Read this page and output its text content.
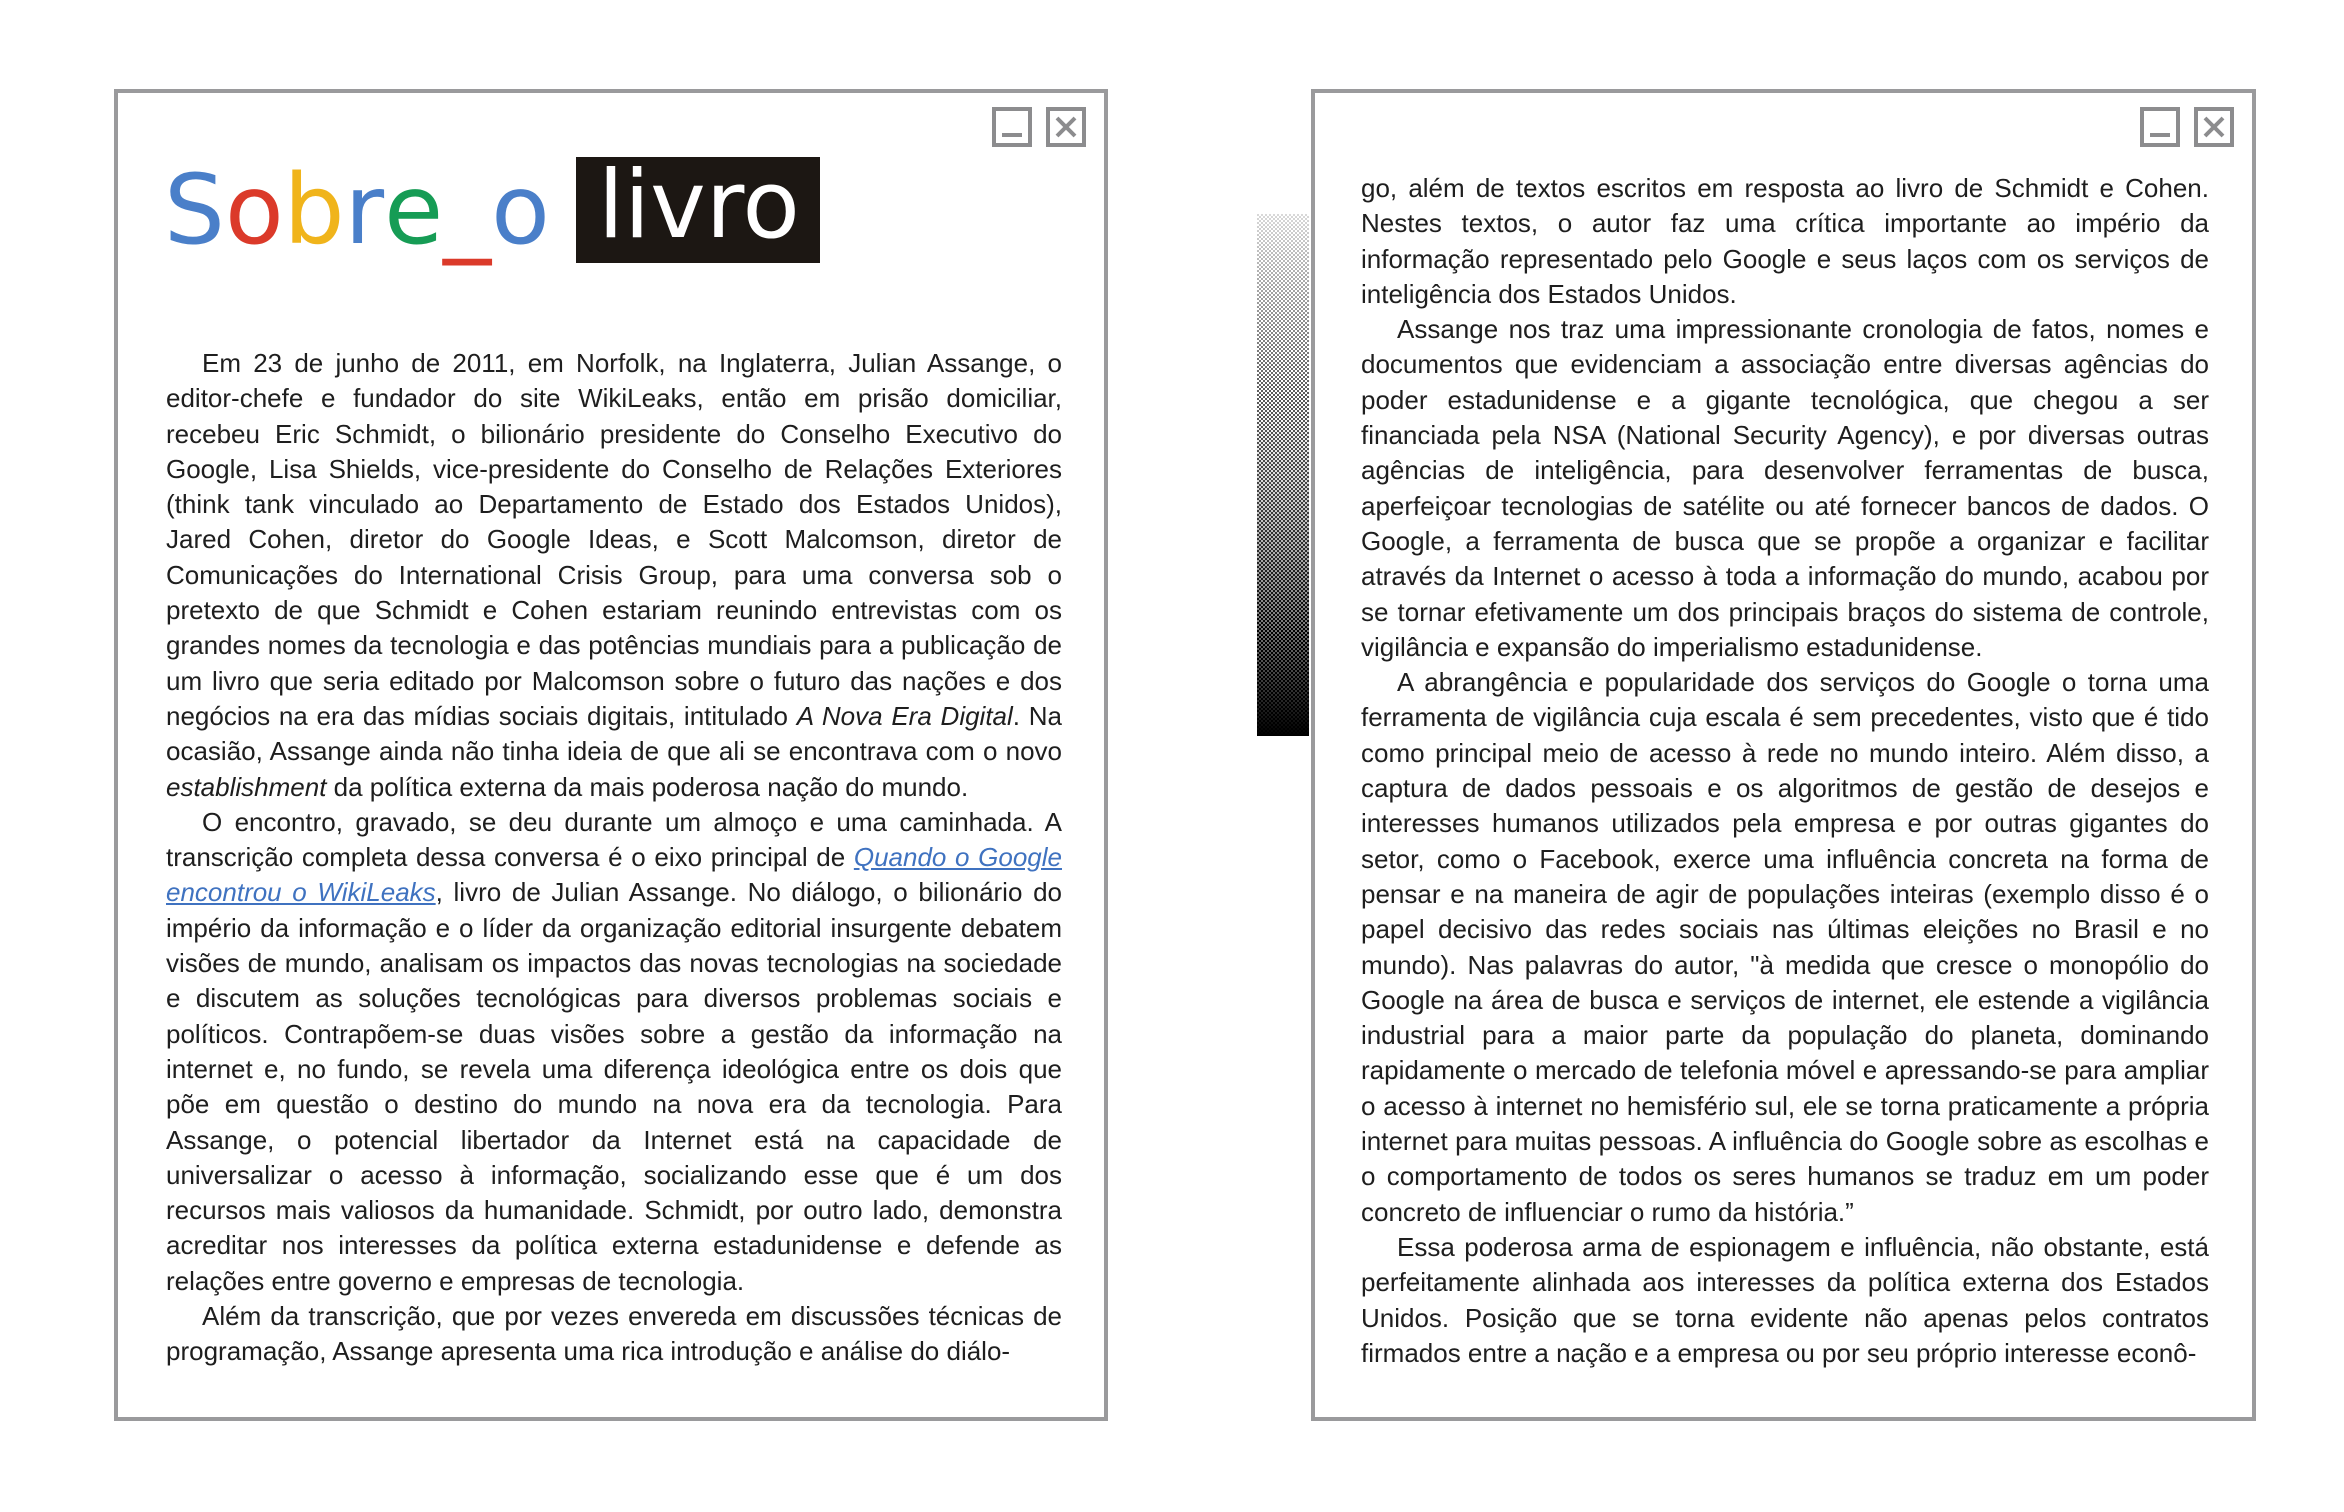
S o b r e _ o livro

Em 23 de junho de 2011, em Norfolk, na Inglaterra, Julian Assange, o editor-chefe e fundador do site WikiLeaks, então em prisão domiciliar, recebeu Eric Schmidt, o bilionário presidente do Conselho Executivo do Google, Lisa Shields, vice-presidente do Conselho de Relações Exteriores (think tank vinculado ao Departamento de Estado dos Estados Unidos), Jared Cohen, diretor do Google Ideas, e Scott Malcomson, diretor de Comunicações do International Crisis Group, para uma conversa sob o pretexto de que Schmidt e Cohen estariam reunindo entrevistas com os grandes nomes da tecnologia e das potências mundiais para a publicação de um livro que seria editado por Malcomson sobre o futuro das nações e dos negócios na era das mídias sociais digitais, intitulado A Nova Era Digital. Na ocasião, Assange ainda não tinha ideia de que ali se encontrava com o novo establishment da política externa da mais poderosa nação do mundo.

O encontro, gravado, se deu durante um almoço e uma caminhada. A transcrição completa dessa conversa é o eixo principal de Quando o Google encontrou o WikiLeaks, livro de Julian Assange. No diálogo, o bilionário do império da informação e o líder da organização editorial insurgente debatem visões de mundo, analisam os impactos das novas tecnologias na sociedade e discutem as soluções tecnológicas para diversos problemas sociais e políticos. Contrapõem-se duas visões sobre a gestão da informação na internet e, no fundo, se revela uma diferença ideológica entre os dois que põe em questão o destino do mundo na nova era da tecnologia. Para Assange, o potencial libertador da Internet está na capacidade de universalizar o acesso à informação, socializando esse que é um dos recursos mais valiosos da humanidade. Schmidt, por outro lado, demonstra acreditar nos interesses da política externa estadunidense e defende as relações entre governo e empresas de tecnologia.

Além da transcrição, que por vezes envereda em discussões técnicas de programação, Assange apresenta uma rica introdução e análise do diálo-

go, além de textos escritos em resposta ao livro de Schmidt e Cohen. Nestes textos, o autor faz uma crítica importante ao império da informação representado pelo Google e seus laços com os serviços de inteligência dos Estados Unidos.

Assange nos traz uma impressionante cronologia de fatos, nomes e documentos que evidenciam a associação entre diversas agências do poder estadunidense e a gigante tecnológica, que chegou a ser financiada pela NSA (National Security Agency), e por diversas outras agências de inteligência, para desenvolver ferramentas de busca, aperfeiçoar tecnologias de satélite ou até fornecer bancos de dados. O Google, a ferramenta de busca que se propõe a organizar e facilitar através da Internet o acesso à toda a informação do mundo, acabou por se tornar efetivamente um dos principais braços do sistema de controle, vigilância e expansão do imperialismo estadunidense.

A abrangência e popularidade dos serviços do Google o torna uma ferramenta de vigilância cuja escala é sem precedentes, visto que é tido como principal meio de acesso à rede no mundo inteiro. Além disso, a captura de dados pessoais e os algoritmos de gestão de desejos e interesses humanos utilizados pela empresa e por outras gigantes do setor, como o Facebook, exerce uma influência concreta na forma de pensar e na maneira de agir de populações inteiras (exemplo disso é o papel decisivo das redes sociais nas últimas eleições no Brasil e no mundo). Nas palavras do autor, "à medida que cresce o monopólio do Google na área de busca e serviços de internet, ele estende a vigilância industrial para a maior parte da população do planeta, dominando rapidamente o mercado de telefonia móvel e apressando-se para ampliar o acesso à internet no hemisfério sul, ele se torna praticamente a própria internet para muitas pessoas. A influência do Google sobre as escolhas e o comportamento de todos os seres humanos se traduz em um poder concreto de influenciar o rumo da história.”

Essa poderosa arma de espionagem e influência, não obstante, está perfeitamente alinhada aos interesses da política externa dos Estados Unidos. Posição que se torna evidente não apenas pelos contratos firmados entre a nação e a empresa ou por seu próprio interesse econô-
